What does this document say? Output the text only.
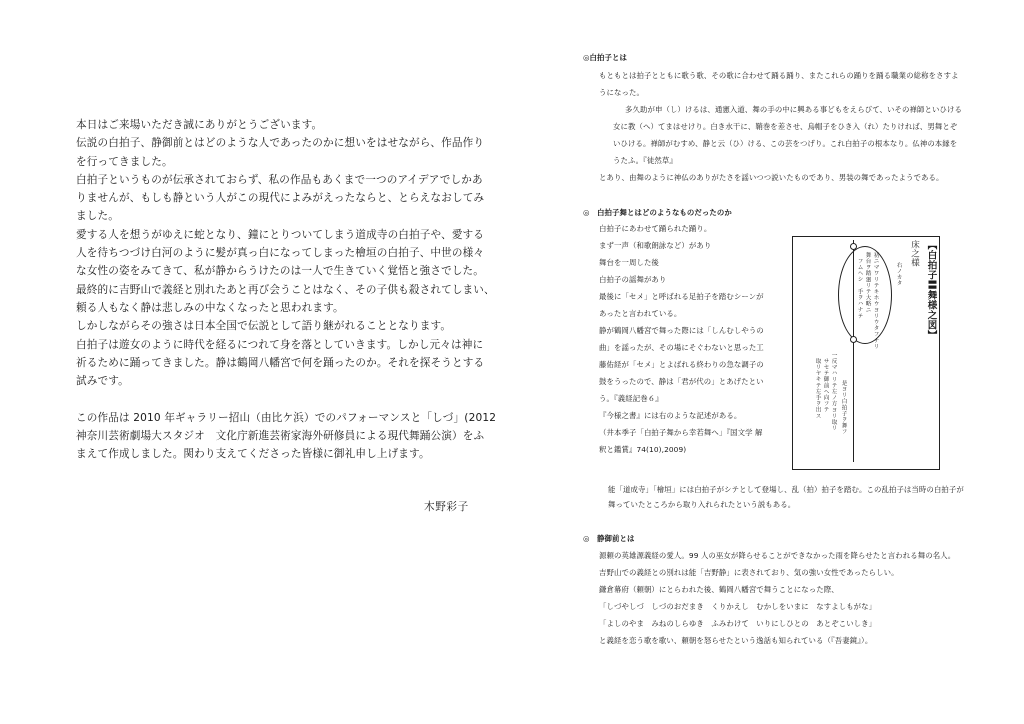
本日はご来場いただき誠にありがとうございます。

伝説の白拍子、静御前とはどのような人であったのかに想いをはせながら、作品作り

を行ってきました。

白拍子というものが伝承されておらず、私の作品もあくまで一つのアイデアでしかあ

りませんが、もしも静という人がこの現代によみがえったならと、とらえなおしてみ

ました。

愛する人を想うがゆえに蛇となり、鐘にとりついてしまう道成寺の白拍子や、愛する

人を待ちつづけ白河のように髪が真っ白になってしまった檜垣の白拍子、中世の様々

な女性の姿をみてきて、私が静からうけたのは一人で生きていく覚悟と強さでした。

最終的に吉野山で義経と別れたあと再び会うことはなく、その子供も殺されてしまい、

頼る人もなく静は悲しみの中なくなったと思われます。

しかしながらその強さは日本全国で伝説として語り継がれることとなります。

白拍子は遊女のように時代を経るにつれて身を落としていきます。しかし元々は神に

祈るために踊ってきました。静は鶴岡八幡宮で何を踊ったのか。それを探そうとする

試みです。

この作品は 2010 年ギャラリー招山（由比ケ浜）でのパフォーマンスと「しづ」(2012

神奈川芸術劇場大スタジオ　文化庁新進芸術家海外研修員による現代舞踊公演）をふ

まえて作成しました。関わり支えてくださった皆様に御礼申し上げます。

木野彩子
◎白拍子とは
もともとは拍子とともに歌う歌、その歌に合わせて踊る踊り、またこれらの踊りを踊る職業の総称をさすよ
うになった。
多久助が申（し）けるは、通憲入道、舞の手の中に興ある事どもをえらびて、いその禅師といひける
女に教（へ）てまはせけり。白き水干に、鞘巻を差させ、烏帽子をひき入（れ）たりければ、男舞とぞ
いひける。禅師がむすめ、静と云（ひ）ける、この芸をつげり。これ白拍子の根本なり。仏神の本縁を
うたふ。『徒然草』
とあり、由舞のように神仏のありがたさを謡いつつ説いたものであり、男装の舞であったようである。
◎　白拍子舞とはどのようなものだったのか
白拍子にあわせて踊られた踊り。
まず一声（和歌朗詠など）があり
舞台を一周した後
白拍子の謡舞があり
最後に「セメ」と呼ばれる足拍子を踏むシーンが
あったと言われている。
静が鶴岡八幡宮で舞った際には「しんむしやうの
曲」を謡ったが、その場にそぐわないと思った工
藤佑経が「セメ」とよばれる終わりの急な調子の
鼓をうったので、静は「君が代の」とあげたとい
う。『義経記巻６』
『今様之書』には右のような記述がある。
（井本季子「白拍子舞から幸若舞へ」『国文学 解
釈と鑑賞』74(10),2009)
【白拍子〓舞様之図】
床之様
初ニマワリテキホウヨリウタフナリ
舞台ヲ踏廻リテ大略ニ
フムヘシ　手ヲハナテ	右ノカタ
是ヨリ白拍子ヲ舞フ
一反マハリテ左ノ方ヨリ取リ
サセテ御前ヘ向フテ
取リヤキテ左手ヲ出ス
能「道成寺」「檜垣」には白拍子がシテとして登場し、乱（拍）拍子を踏む。この乱拍子は当時の白拍子が
舞っていたところから取り入れられたという説もある。
◎　静御前とは
源頼の英雄源義経の愛人。99 人の巫女が降らせることができなかった雨を降らせたと言われる舞の名人。
吉野山での義経との別れは能「吉野静」に表されており、気の強い女性であったらしい。
鎌倉幕府（頼朝）にとらわれた後、鶴岡八幡宮で舞うことになった際、
「しづやしづ　しづのおだまき　くりかえし　むかしをいまに　なすよしもがな」
「よしのやま　みねのしらゆき　ふみわけて　いりにしひとの　あとぞこいしき」
と義経を恋う歌を歌い、頼朝を怒らせたという逸話も知られている（『吾妻鏡』）。
